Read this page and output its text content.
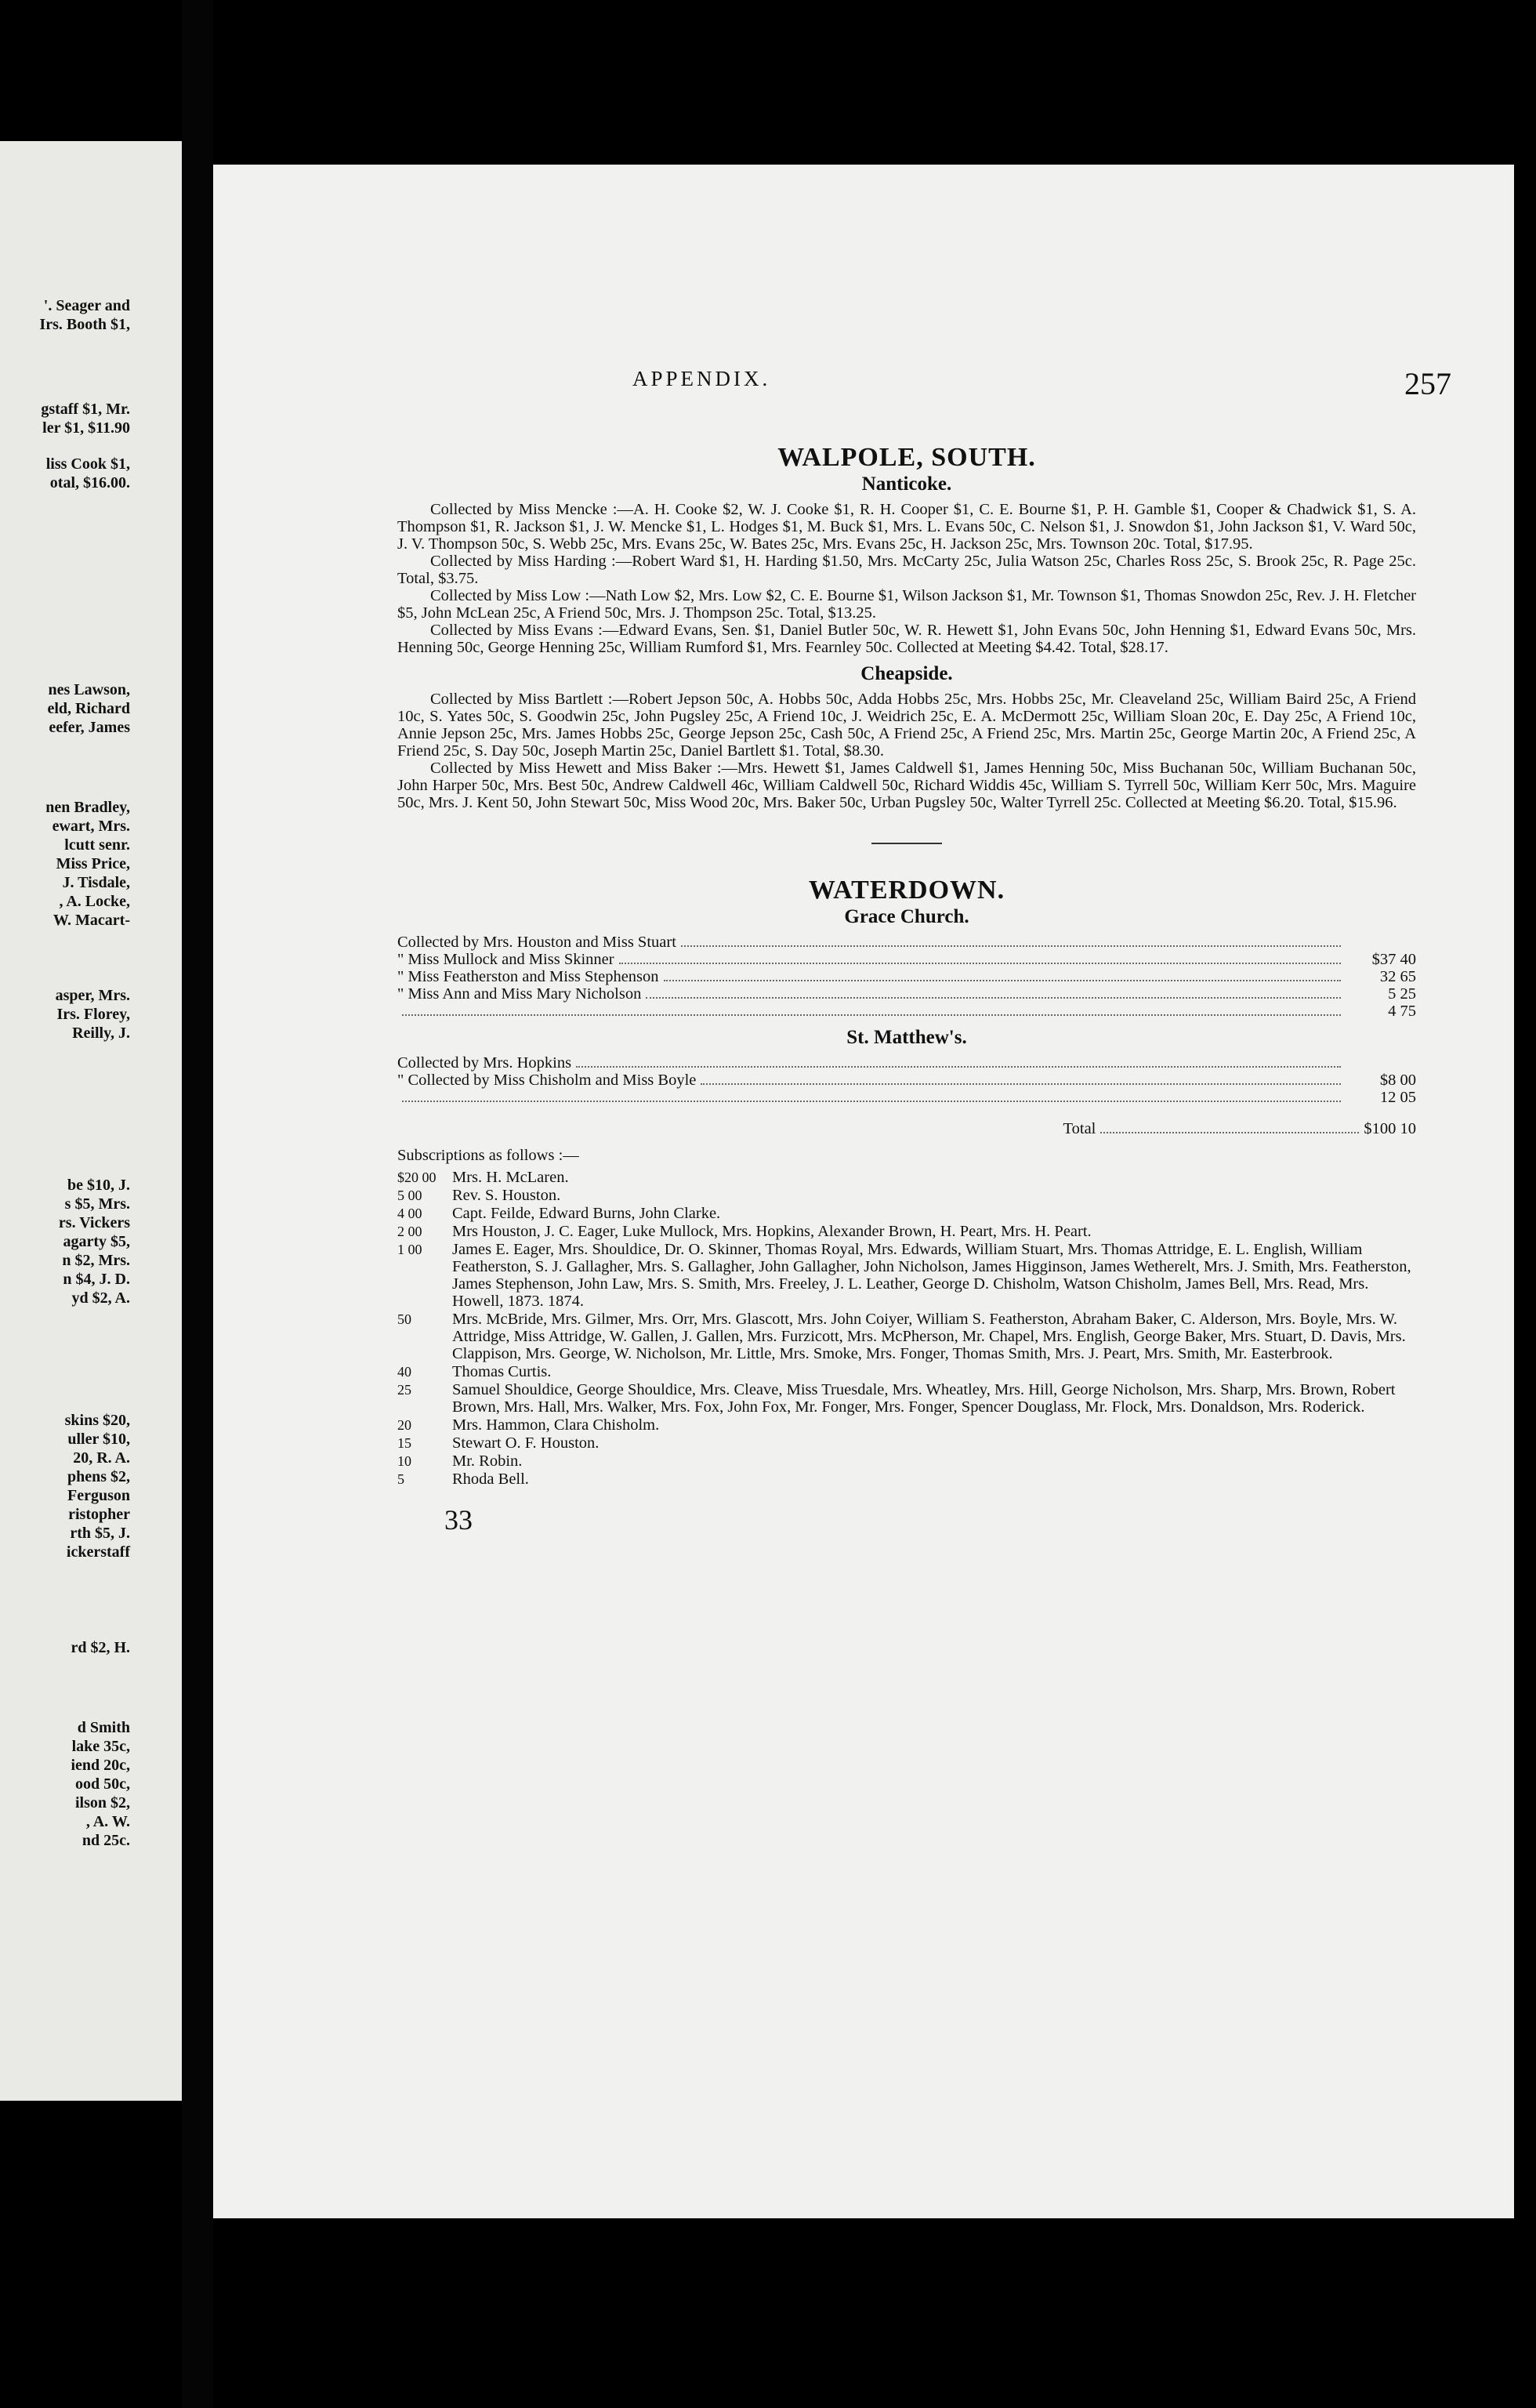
'. Seager and
Irs. Booth $1,
gstaff $1, Mr.
ler $1, $11.90
liss Cook $1,
otal, $16.00.
nes Lawson,
eld, Richard
eefer, James
nen Bradley,
ewart, Mrs.
lcutt senr.
Miss Price,
J. Tisdale,
, A. Locke,
W. Macart-
asper, Mrs.
Irs. Florey,
Reilly, J.
be $10, J.
s $5, Mrs.
rs. Vickers
agarty $5,
n $2, Mrs.
n $4, J. D.
yd $2, A.
skins $20,
uller $10,
20, R. A.
phens $2,
Ferguson
ristopher
rth $5, J.
ickerstaff
rd $2, H.
d Smith
lake 35c,
iend 20c,
ood 50c,
ilson $2,
, A. W.
nd 25c.
APPENDIX.	257
WALPOLE, SOUTH.
Nanticoke.

Collected by Miss Mencke :—A. H. Cooke $2, W. J. Cooke $1, R. H. Cooper $1, C. E. Bourne $1, P. H. Gamble $1, Cooper & Chadwick $1, S. A. Thompson $1, R. Jackson $1, J. W. Mencke $1, L. Hodges $1, M. Buck $1, Mrs. L. Evans 50c, C. Nelson $1, J. Snowdon $1, John Jackson $1, V. Ward 50c, J. V. Thompson 50c, S. Webb 25c, Mrs. Evans 25c, W. Bates 25c, Mrs. Evans 25c, H. Jackson 25c, Mrs. Townson 20c. Total, $17.95.

Collected by Miss Harding :—Robert Ward $1, H. Harding $1.50, Mrs. McCarty 25c, Julia Watson 25c, Charles Ross 25c, S. Brook 25c, R. Page 25c. Total, $3.75.

Collected by Miss Low :—Nath Low $2, Mrs. Low $2, C. E. Bourne $1, Wilson Jackson $1, Mr. Townson $1, Thomas Snowdon 25c, Rev. J. H. Fletcher $5, John McLean 25c, A Friend 50c, Mrs. J. Thompson 25c. Total, $13.25.

Collected by Miss Evans :—Edward Evans, Sen. $1, Daniel Butler 50c, W. R. Hewett $1, John Evans 50c, John Henning $1, Edward Evans 50c, Mrs. Henning 50c, George Henning 25c, William Rumford $1, Mrs. Fearnley 50c. Collected at Meeting $4.42. Total, $28.17.

Cheapside.

Collected by Miss Bartlett :—Robert Jepson 50c, A. Hobbs 50c, Adda Hobbs 25c, Mrs. Hobbs 25c, Mr. Cleaveland 25c, William Baird 25c, A Friend 10c, S. Yates 50c, S. Goodwin 25c, John Pugsley 25c, A Friend 10c, J. Weidrich 25c, E. A. McDermott 25c, William Sloan 20c, E. Day 25c, A Friend 10c, Annie Jepson 25c, Mrs. James Hobbs 25c, George Jepson 25c, Cash 50c, A Friend 25c, A Friend 25c, Mrs. Martin 25c, George Martin 20c, A Friend 25c, A Friend 25c, S. Day 50c, Joseph Martin 25c, Daniel Bartlett $1. Total, $8.30.

Collected by Miss Hewett and Miss Baker :—Mrs. Hewett $1, James Caldwell $1, James Henning 50c, Miss Buchanan 50c, William Buchanan 50c, John Harper 50c, Mrs. Best 50c, Andrew Caldwell 46c, William Caldwell 50c, Richard Widdis 45c, William S. Tyrrell 50c, William Kerr 50c, Mrs. Maguire 50c, Mrs. J. Kent 50, John Stewart 50c, Miss Wood 20c, Mrs. Baker 50c, Urban Pugsley 50c, Walter Tyrrell 25c. Collected at Meeting $6.20. Total, $15.96.

WATERDOWN.
Grace Church.
Collected by Mrs. Houston and Miss Stuart
" Miss Mullock and Miss Skinner	$37 40
" Miss Featherston and Miss Stephenson	32 65
" Miss Ann and Miss Mary Nicholson	5 25
4 75
St. Matthew's.
Collected by Mrs. Hopkins
" Collected by Miss Chisholm and Miss Boyle	$8 00
12 05
Total	$100 10
Subscriptions as follows :—
$20 00	Mrs. H. McLaren.
5 00	Rev. S. Houston.
4 00	Capt. Feilde, Edward Burns, John Clarke.
2 00	Mrs Houston, J. C. Eager, Luke Mullock, Mrs. Hopkins, Alexander Brown, H. Peart, Mrs. H. Peart.
1 00	James E. Eager, Mrs. Shouldice, Dr. O. Skinner, Thomas Royal, Mrs. Edwards, William Stuart, Mrs. Thomas Attridge, E. L. English, William Featherston, S. J. Gallagher, Mrs. S. Gallagher, John Gallagher, John Nicholson, James Higginson, James Wetherelt, Mrs. J. Smith, Mrs. Featherston, James Stephenson, John Law, Mrs. S. Smith, Mrs. Freeley, J. L. Leather, George D. Chisholm, Watson Chisholm, James Bell, Mrs. Read, Mrs. Howell, 1873. 1874.
50	Mrs. McBride, Mrs. Gilmer, Mrs. Orr, Mrs. Glascott, Mrs. John Coiyer, William S. Featherston, Abraham Baker, C. Alderson, Mrs. Boyle, Mrs. W. Attridge, Miss Attridge, W. Gallen, J. Gallen, Mrs. Furzicott, Mrs. McPherson, Mr. Chapel, Mrs. English, George Baker, Mrs. Stuart, D. Davis, Mrs. Clappison, Mrs. George, W. Nicholson, Mr. Little, Mrs. Smoke, Mrs. Fonger, Thomas Smith, Mrs. J. Peart, Mrs. Smith, Mr. Easterbrook.
40	Thomas Curtis.
25	Samuel Shouldice, George Shouldice, Mrs. Cleave, Miss Truesdale, Mrs. Wheatley, Mrs. Hill, George Nicholson, Mrs. Sharp, Mrs. Brown, Robert Brown, Mrs. Hall, Mrs. Walker, Mrs. Fox, John Fox, Mr. Fonger, Mrs. Fonger, Spencer Douglass, Mr. Flock, Mrs. Donaldson, Mrs. Roderick.
20	Mrs. Hammon, Clara Chisholm.
15	Stewart O. F. Houston.
10	Mr. Robin.
5	Rhoda Bell.
33
